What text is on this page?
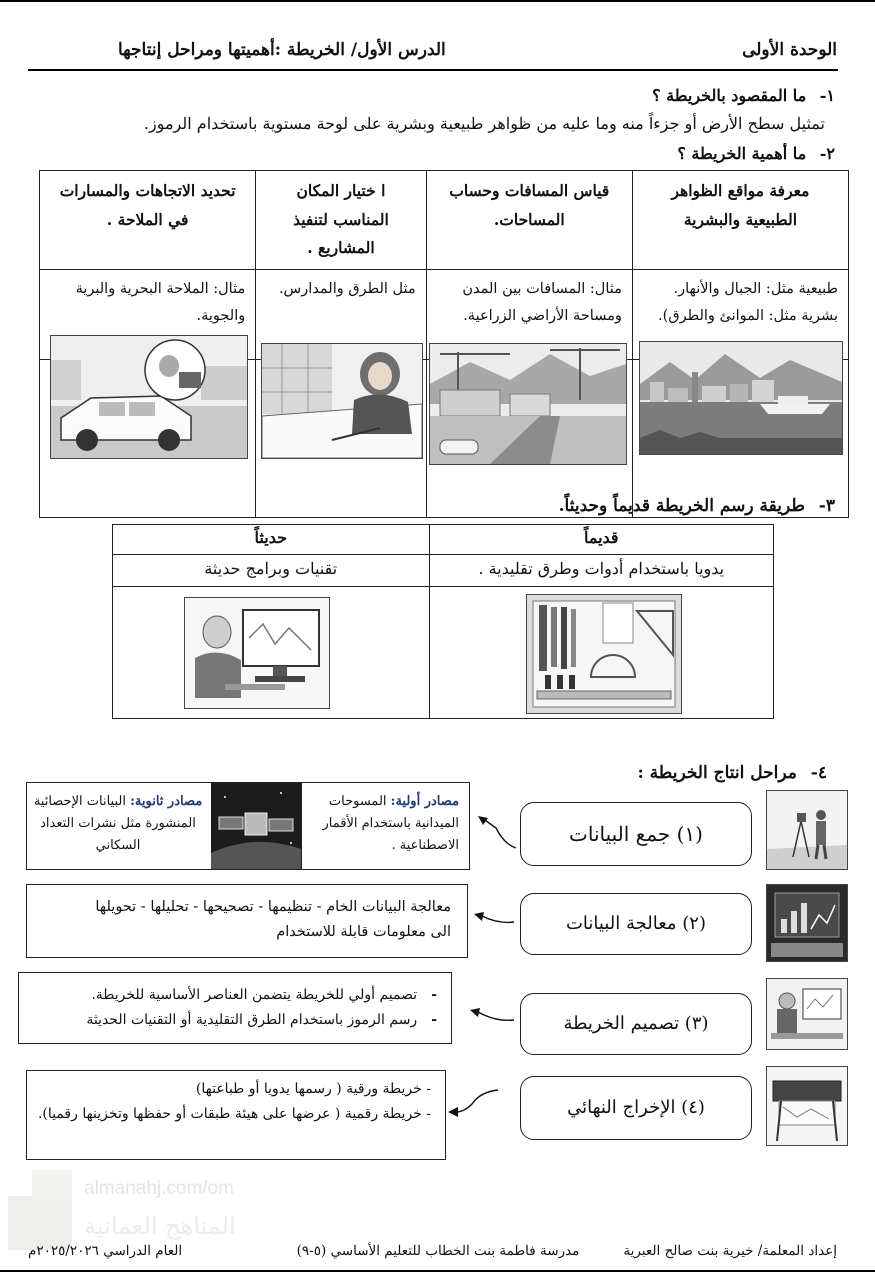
الوحدة الأولى
الدرس الأول/ الخريطة :أهميتها ومراحل إنتاجها
١- ما المقصود بالخريطة ؟
تمثيل سطح الأرض أو جزءاً منه وما عليه من ظواهر طبيعية وبشرية على لوحة مستوية باستخدام الرموز.
٢- ما أهمية الخريطة ؟
معرفة مواقع الظواهر الطبيعية والبشرية	قياس المسافات وحساب المساحات.	ا ختيار المكان المناسب لتنفيذ المشاريع .	تحديد الاتجاهات والمسارات في الملاحة .

طبيعية مثل: الجبال والأنهار. بشرية مثل: الموانئ والطرق).	مثال: المسافات بين المدن ومساحة الأراضي الزراعية.	مثل الطرق والمدارس.	مثال: الملاحة البحرية والبرية والجوية.

٣- طريقة رسم الخريطة قديماً وحديثاً.
قديماً	حديثاً

يدويا باستخدام أدوات وطرق تقليدية .	تقنيات وبرامج حديثة

٤- مراحل انتاج الخريطة :
(١) جمع البيانات
(٢) معالجة البيانات
(٣) تصميم الخريطة
(٤) الإخراج النهائي
مصادر أولية: المسوحات الميدانية باستخدام الأقمار الاصطناعية .
مصادر ثانوية: البيانات الإحصائية المنشورة مثل نشرات التعداد السكاني
معالجة البيانات الخام - تنظيمها - تصحيحها - تحليلها - تحويلها
الى معلومات قابلة للاستخدام
-تصميم أولي للخريطة يتضمن العناصر الأساسية للخريطة.
-رسم الرموز باستخدام الطرق التقليدية أو التقنيات الحديثة
- خريطة ورقية ( رسمها يدويا أو طباعتها)
- خريطة رقمية ( عرضها على هيئة طبقات أو حفظها وتخزينها رقميا).
almanahj.com/om
المناهج العمانية
إعداد المعلمة/ خيرية بنت صالح العبرية
مدرسة فاطمة بنت الخطاب للتعليم الأساسي (٥-٩)
العام الدراسي ٢٠٢٥/٢٠٢٦م
